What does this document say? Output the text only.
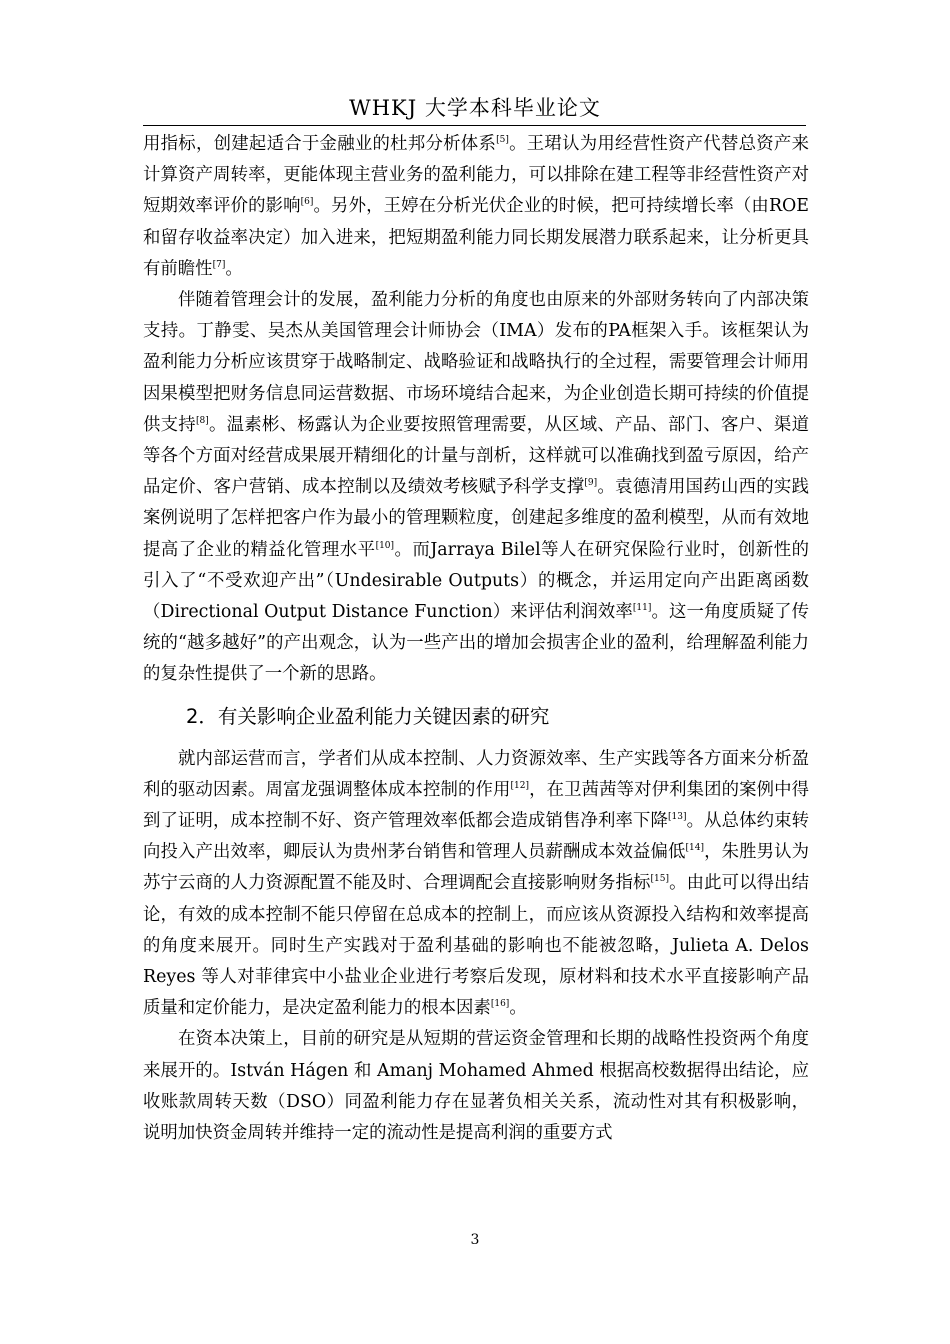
WHKJ 大学本科毕业论文

用指标，创建起适合于金融业的杜邦分析体系[5]。王珺认为用经营性资产代替总资产来计算资产周转率，更能体现主营业务的盈利能力，可以排除在建工程等非经营性资产对短期效率评价的影响[6]。另外，王婷在分析光伏企业的时候，把可持续增长率（由ROE和留存收益率决定）加入进来，把短期盈利能力同长期发展潜力联系起来，让分析更具有前瞻性[7]。

伴随着管理会计的发展，盈利能力分析的角度也由原来的外部财务转向了内部决策支持。丁静雯、吴杰从美国管理会计师协会（IMA）发布的PA框架入手。该框架认为盈利能力分析应该贯穿于战略制定、战略验证和战略执行的全过程，需要管理会计师用因果模型把财务信息同运营数据、市场环境结合起来，为企业创造长期可持续的价值提供支持[8]。温素彬、杨露认为企业要按照管理需要，从区域、产品、部门、客户、渠道等各个方面对经营成果展开精细化的计量与剖析，这样就可以准确找到盈亏原因，给产品定价、客户营销、成本控制以及绩效考核赋予科学支撑[9]。袁德清用国药山西的实践案例说明了怎样把客户作为最小的管理颗粒度，创建起多维度的盈利模型，从而有效地提高了企业的精益化管理水平[10]。而Jarraya Bilel等人在研究保险行业时，创新性的引入了“不受欢迎产出”（Undesirable Outputs）的概念，并运用定向产出距离函数（Directional Output Distance Function）来评估利润效率[11]。这一角度质疑了传统的“越多越好”的产出观念，认为一些产出的增加会损害企业的盈利，给理解盈利能力的复杂性提供了一个新的思路。

2．有关影响企业盈利能力关键因素的研究

就内部运营而言，学者们从成本控制、人力资源效率、生产实践等各方面来分析盈利的驱动因素。周富龙强调整体成本控制的作用[12]，在卫茜茜等对伊利集团的案例中得到了证明，成本控制不好、资产管理效率低都会造成销售净利率下降[13]。从总体约束转向投入产出效率，卿辰认为贵州茅台销售和管理人员薪酬成本效益偏低[14]，朱胜男认为苏宁云商的人力资源配置不能及时、合理调配会直接影响财务指标[15]。由此可以得出结论，有效的成本控制不能只停留在总成本的控制上，而应该从资源投入结构和效率提高的角度来展开。同时生产实践对于盈利基础的影响也不能被忽略，Julieta A. Delos Reyes 等人对菲律宾中小盐业企业进行考察后发现，原材料和技术水平直接影响产品质量和定价能力，是决定盈利能力的根本因素[16]。

在资本决策上，目前的研究是从短期的营运资金管理和长期的战略性投资两个角度来展开的。István Hágen 和 Amanj Mohamed Ahmed 根据高校数据得出结论，应收账款周转天数（DSO）同盈利能力存在显著负相关关系，流动性对其有积极影响，说明加快资金周转并维持一定的流动性是提高利润的重要方式

3
